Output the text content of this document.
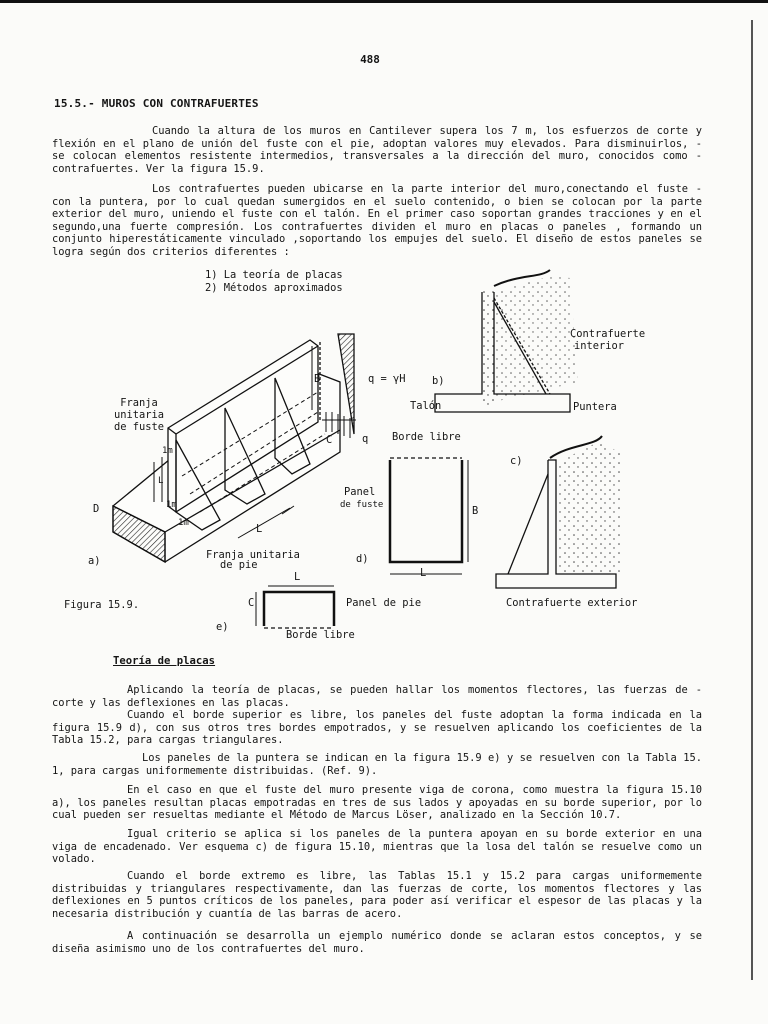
488
15.5.- MUROS CON CONTRAFUERTES

Cuando la altura de los muros en Cantilever supera los 7 m, los esfuerzos de corte y flexión en el plano de unión del fuste con el pie, adoptan valores muy elevados. Para disminuirlos, - se colocan elementos resistente intermedios, transversales a la dirección del muro, conocidos como - contrafuertes. Ver la figura 15.9.

Los contrafuertes pueden ubicarse en la parte interior del muro,conectando el fuste - con la puntera, por lo cual quedan sumergidos en el suelo contenido, o bien se colocan por la parte exterior del muro, uniendo el fuste con el talón. En el primer caso soportan grandes tracciones y en el segundo,una fuerte compresión. Los contrafuertes dividen el muro en placas o paneles , formando un conjunto hiperestáticamente vinculado ,soportando los empujes del suelo. El diseño de estos paneles se logra según dos criterios diferentes :

1) La teoría de placas
2) Métodos aproximados
Franja
unitaria
de fuste
D
a)
1m
1m
1m
L
L
Franja unitaria
de pie
B
C	q
q = γH	b)
Talón	Puntera
Contrafuerte
interior
Borde libre
Panel
de fuste	B
d)
L
c)
L
C	Panel de pie
e)
Borde libre
Contrafuerte exterior
Figura 15.9.
Teoría de placas

Aplicando la teoría de placas, se pueden hallar los momentos flectores, las fuerzas de - corte y las deflexiones en las placas.

Cuando el borde superior es libre, los paneles del fuste adoptan la forma indicada en la figura 15.9 d), con sus otros tres bordes empotrados, y se resuelven aplicando los coeficientes de la Tabla 15.2, para cargas triangulares.

Los paneles de la puntera se indican en la figura 15.9 e) y se resuelven con la Tabla 15. 1, para cargas uniformemente distribuidas. (Ref. 9).

En el caso en que el fuste del muro presente viga de corona, como muestra la figura 15.10 a), los paneles resultan placas empotradas en tres de sus lados y apoyadas en su borde superior, por lo cual pueden ser resueltas mediante el Método de Marcus Löser, analizado en la Sección 10.7.

Igual criterio se aplica si los paneles de la puntera apoyan en su borde exterior en una viga de encadenado. Ver esquema c) de figura 15.10, mientras que la losa del talón se resuelve como un volado.

Cuando el borde extremo es libre, las Tablas 15.1 y 15.2 para cargas uniformemente distribuidas y triangulares respectivamente, dan las fuerzas de corte, los momentos flectores y las deflexiones en 5 puntos críticos de los paneles, para poder así verificar el espesor de las placas y la necesaria distribución y cuantía de las barras de acero.

A continuación se desarrolla un ejemplo numérico donde se aclaran estos conceptos, y se diseña asimismo uno de los contrafuertes del muro.
